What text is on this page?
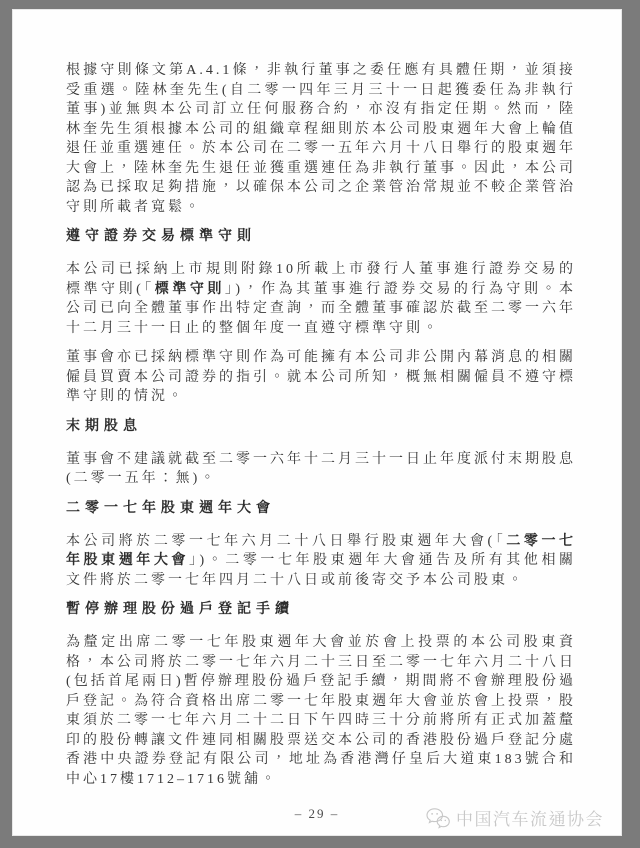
根據守則條文第A.4.1條，非執行董事之委任應有具體任期，並須接受重選。陸林奎先生(自二零一四年三月三十一日起獲委任為非執行董事)並無與本公司訂立任何服務合約，亦沒有指定任期。然而，陸林奎先生須根據本公司的組織章程細則於本公司股東週年大會上輪值退任並重選連任。於本公司在二零一五年六月十八日舉行的股東週年大會上，陸林奎先生退任並獲重選連任為非執行董事。因此，本公司認為已採取足夠措施，以確保本公司之企業管治常規並不較企業管治守則所載者寬鬆。

遵守證券交易標準守則

本公司已採納上市規則附錄10所載上市發行人董事進行證券交易的標準守則(「標準守則」)，作為其董事進行證券交易的行為守則。本公司已向全體董事作出特定查詢，而全體董事確認於截至二零一六年十二月三十一日止的整個年度一直遵守標準守則。

董事會亦已採納標準守則作為可能擁有本公司非公開內幕消息的相關僱員買賣本公司證券的指引。就本公司所知，概無相關僱員不遵守標準守則的情況。

末期股息

董事會不建議就截至二零一六年十二月三十一日止年度派付末期股息(二零一五年：無)。

二零一七年股東週年大會

本公司將於二零一七年六月二十八日舉行股東週年大會(「二零一七年股東週年大會」)。二零一七年股東週年大會通告及所有其他相關文件將於二零一七年四月二十八日或前後寄交予本公司股東。

暫停辦理股份過戶登記手續

為釐定出席二零一七年股東週年大會並於會上投票的本公司股東資格，本公司將於二零一七年六月二十三日至二零一七年六月二十八日(包括首尾兩日)暫停辦理股份過戶登記手續，期間將不會辦理股份過戶登記。為符合資格出席二零一七年股東週年大會並於會上投票，股東須於二零一七年六月二十二日下午四時三十分前將所有正式加蓋釐印的股份轉讓文件連同相關股票送交本公司的香港股份過戶登記分處香港中央證券登記有限公司，地址為香港灣仔皇后大道東183號合和中心17樓1712–1716號舖。

– 29 –	中国汽车流通协会
